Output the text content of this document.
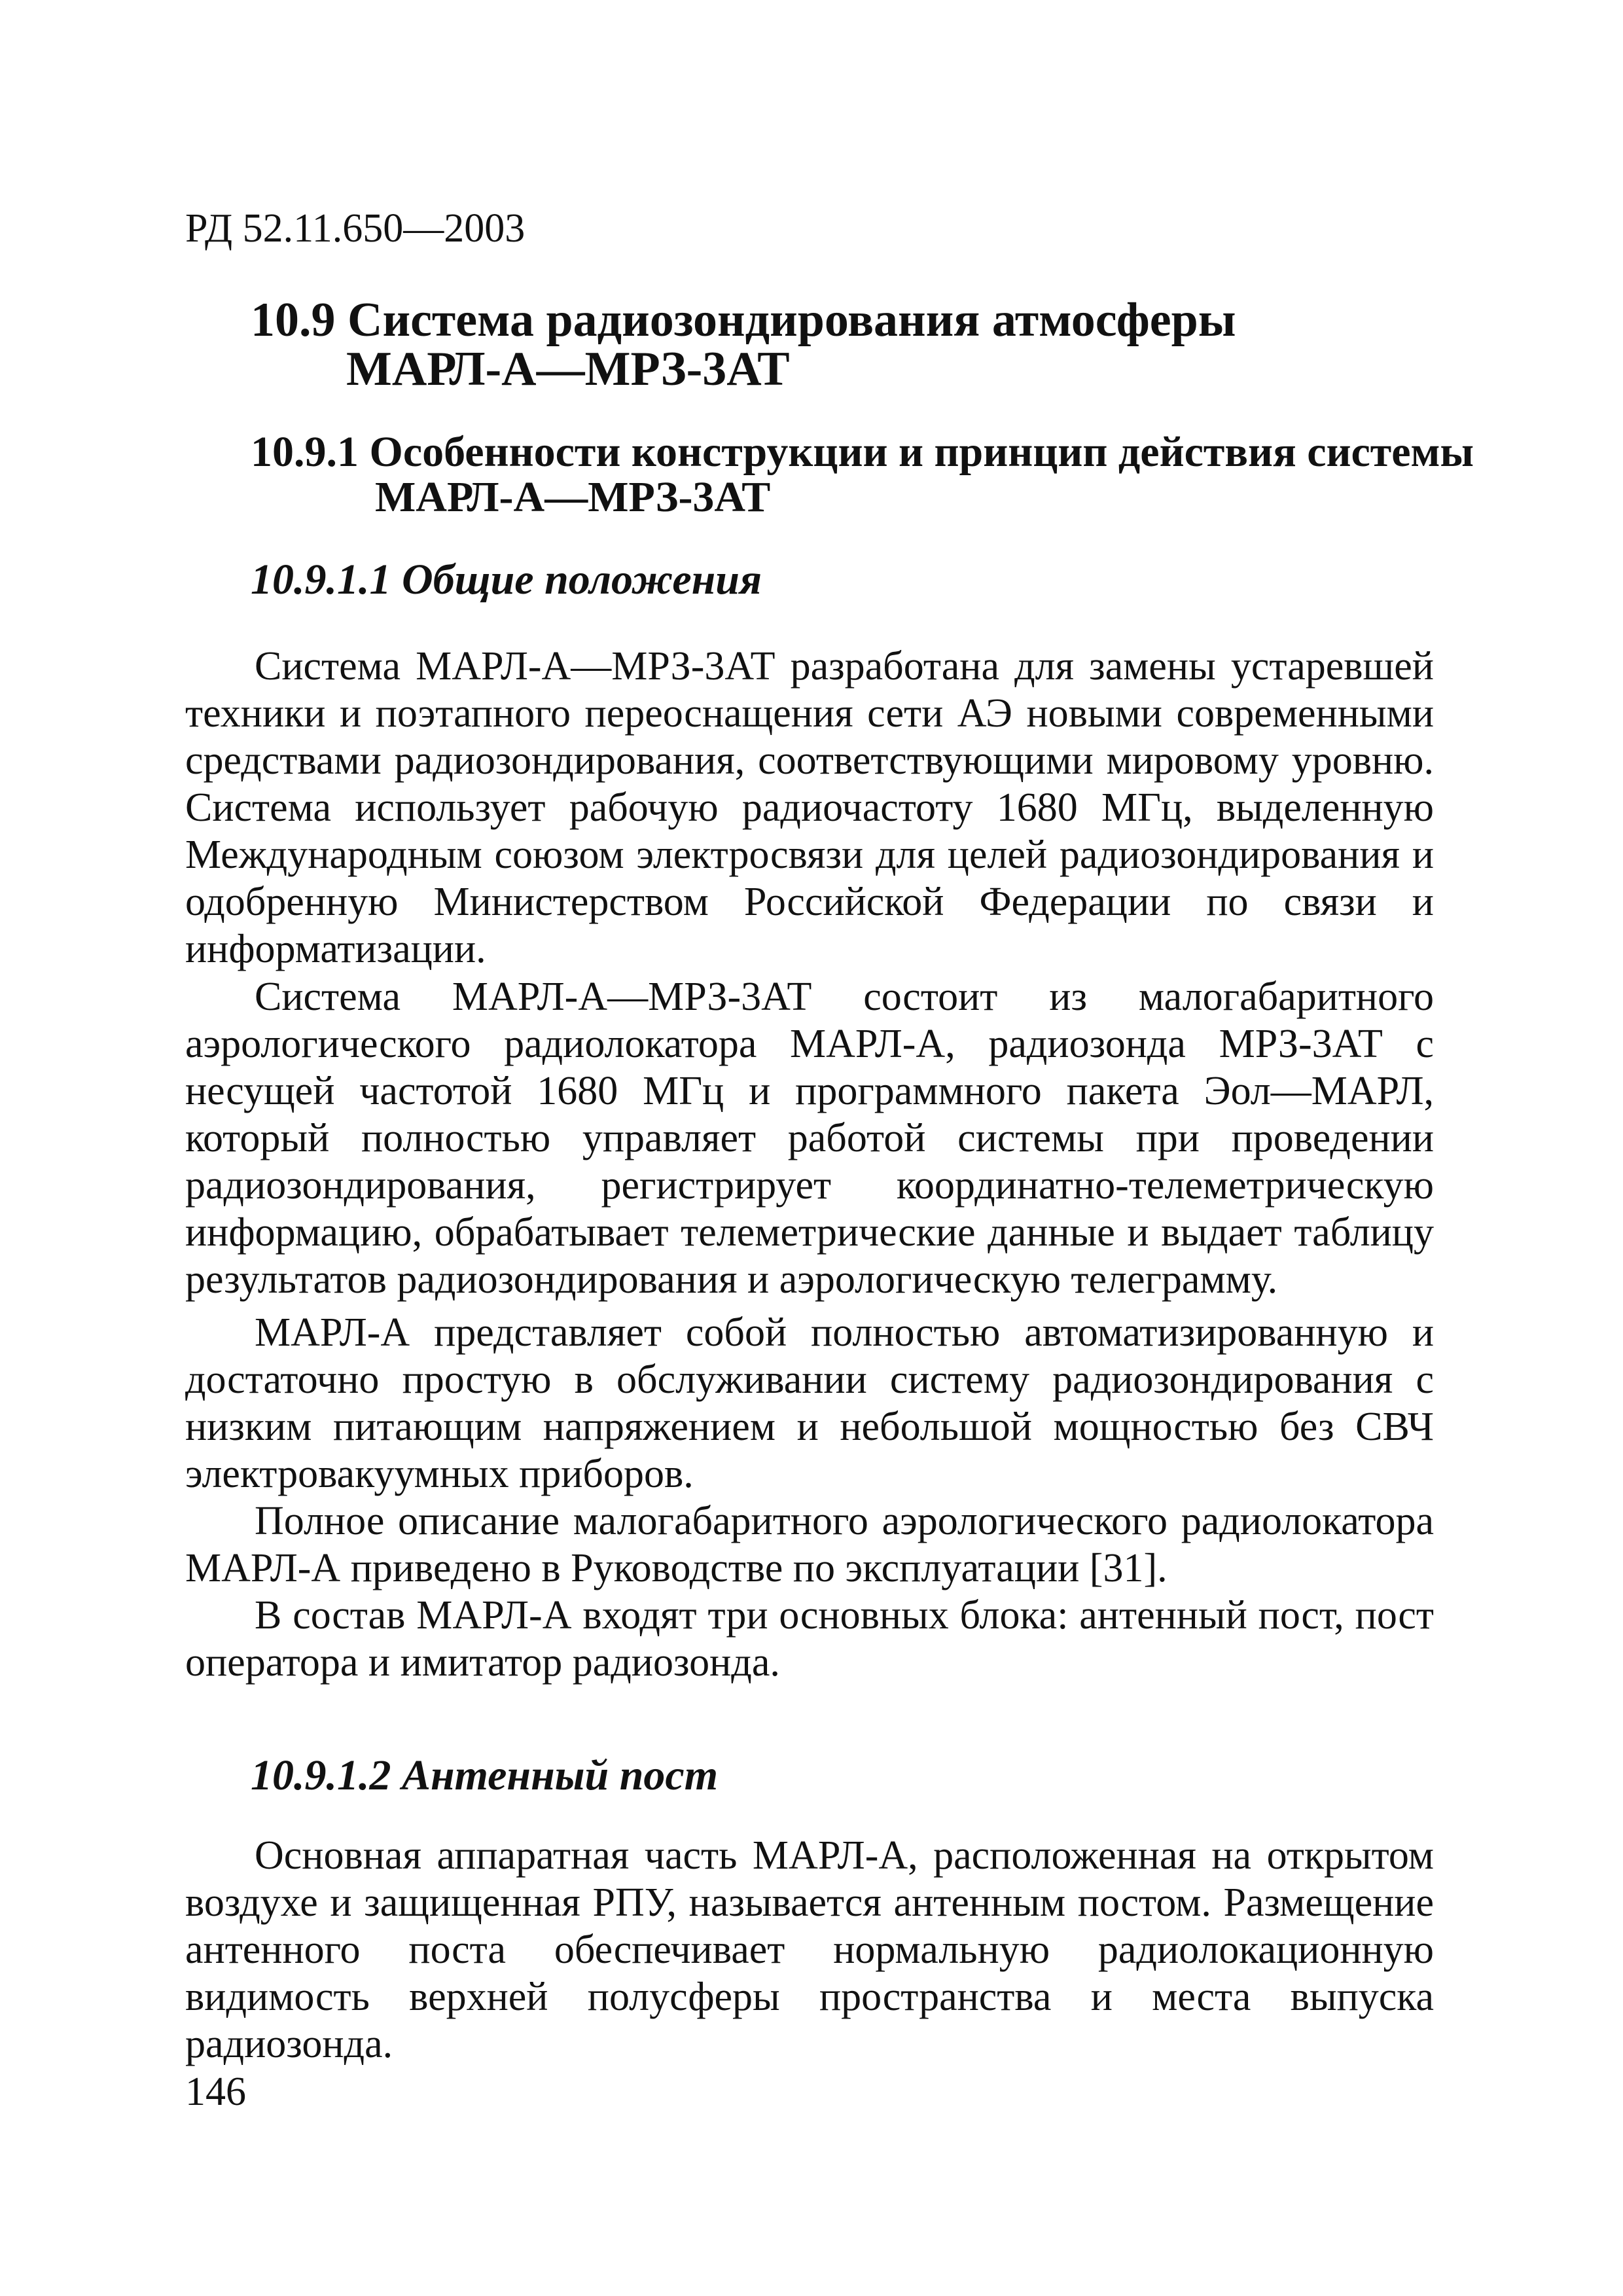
РД 52.11.650—2003
10.9 Система радиозондирования атмосферы
МАРЛ-А—МРЗ-3АТ
10.9.1 Особенности конструкции и принцип действия системы
МАРЛ-А—МРЗ-3АТ
10.9.1.1 Общие положения

Система МАРЛ-А—МРЗ-3АТ разработана для замены устаревшей техники и поэтапного переоснащения сети АЭ новыми современными средствами радиозондирования, соответствующими мировому уровню. Система использует рабочую радиочастоту 1680 МГц, выделенную Международным союзом электросвязи для целей радиозондирования и одобренную Министерством Российской Федерации по связи и информатизации.

Система МАРЛ-А—МРЗ-3АТ состоит из малогабаритного аэрологического радиолокатора МАРЛ-А, радиозонда МРЗ-3АТ с несущей частотой 1680 МГц и программного пакета Эол—МАРЛ, который полностью управляет работой системы при проведении радиозондирования, регистрирует координатно-телеметрическую информацию, обрабатывает телеметрические данные и выдает таблицу результатов радиозондирования и аэрологическую телеграмму.

МАРЛ-А представляет собой полностью автоматизированную и достаточно простую в обслуживании систему радиозондирования с низким питающим напряжением и небольшой мощностью без СВЧ электровакуумных приборов.

Полное описание малогабаритного аэрологического радиолокатора МАРЛ-А приведено в Руководстве по эксплуатации [31].

В состав МАРЛ-А входят три основных блока: антенный пост, пост оператора и имитатор радиозонда.

10.9.1.2 Антенный пост

Основная аппаратная часть МАРЛ-А, расположенная на открытом воздухе и защищенная РПУ, называется антенным постом. Размещение антенного поста обеспечивает нормальную радиолокационную видимость верхней полусферы пространства и места выпуска радиозонда.

146
